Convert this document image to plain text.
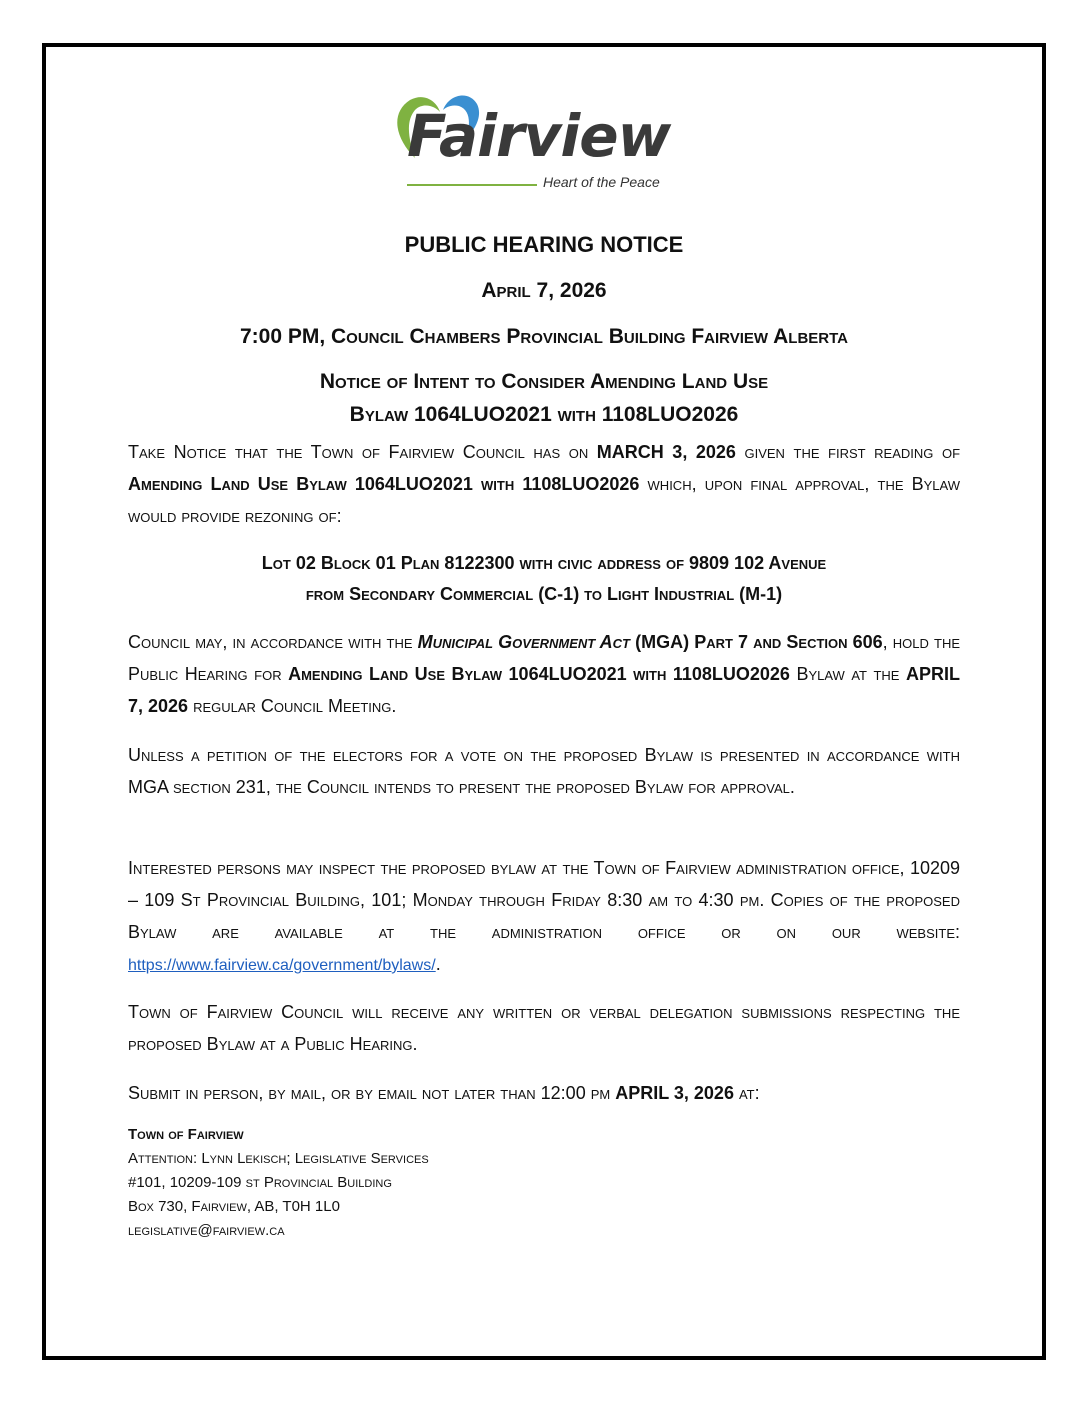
Fairview
Heart of the Peace
PUBLIC HEARING NOTICE

April 7, 2026

7:00 PM, Council Chambers Provincial Building Fairview Alberta

Notice of Intent to Consider Amending Land Use

Bylaw 1064LUO2021 with 1108LUO2026

Take Notice that the Town of Fairview Council has on MARCH 3, 2026 given the first reading of Amending Land Use Bylaw 1064LUO2021 with 1108LUO2026 which, upon final approval, the Bylaw would provide rezoning of:

Lot 02 Block 01 Plan 8122300 with civic address of 9809 102 Avenue

from Secondary Commercial (C-1) to Light Industrial (M-1)

Council may, in accordance with the Municipal Government Act (MGA) Part 7 and Section 606, hold the Public Hearing for Amending Land Use Bylaw 1064LUO2021 with 1108LUO2026 Bylaw at the APRIL 7, 2026 regular Council Meeting.

Unless a petition of the electors for a vote on the proposed Bylaw is presented in accordance with MGA section 231, the Council intends to present the proposed Bylaw for approval.

Interested persons may inspect the proposed bylaw at the Town of Fairview administration office, 10209 – 109 St Provincial Building, 101; Monday through Friday 8:30 am to 4:30 pm. Copies of the proposed Bylaw are available at the administration office or on our website: https://www.fairview.ca/government/bylaws/.

Town of Fairview Council will receive any written or verbal delegation submissions respecting the proposed Bylaw at a Public Hearing.

Submit in person, by mail, or by email not later than 12:00 pm APRIL 3, 2026 at:

Town of Fairview
Attention: Lynn Lekisch; Legislative Services
#101, 10209-109 st Provincial Building
Box 730, Fairview, AB, T0H 1L0
legislative@fairview.ca
